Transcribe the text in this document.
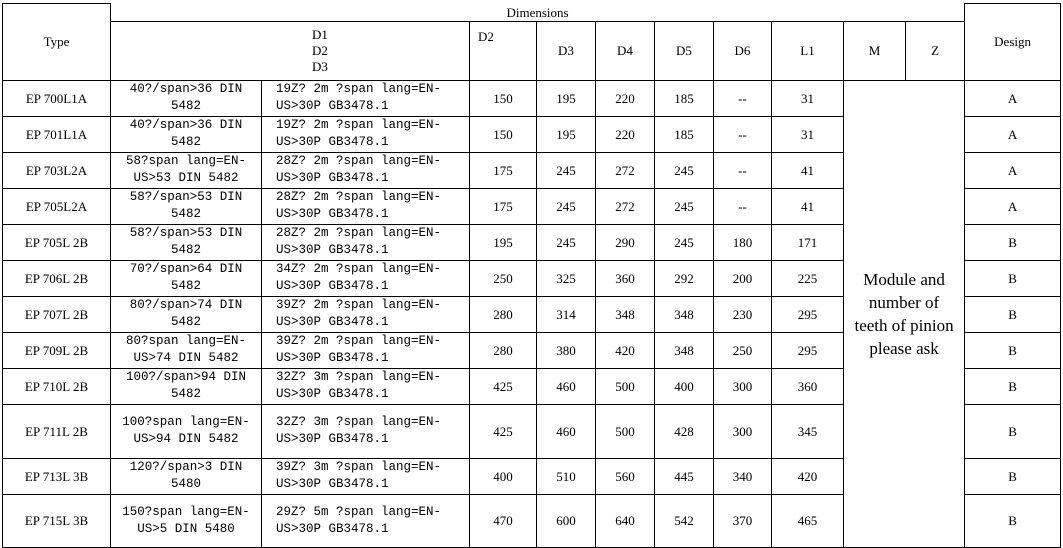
Type	Dimensions										Design

	D1
D2
D3		D2	D3	D4	D5	D6	L1	M	Z	
EP 700L1A	40?/span>36 DIN 5482	19Z? 2m ?span lang=EN-US>30P GB3478.1	150	195	220	185	--	31	Module and number of teeth of pinion please ask		A
EP 701L1A	40?/span>36 DIN 5482	19Z? 2m ?span lang=EN-US>30P GB3478.1	150	195	220	185	--	31			A
EP 703L2A	58?span lang=EN-US>53 DIN 5482	28Z? 2m ?span lang=EN-US>30P GB3478.1	175	245	272	245	--	41			A
EP 705L2A	58?/span>53 DIN 5482	28Z? 2m ?span lang=EN-US>30P GB3478.1	175	245	272	245	--	41			A
EP 705L 2B	58?/span>53 DIN 5482	28Z? 2m ?span lang=EN-US>30P GB3478.1	195	245	290	245	180	171			B
EP 706L 2B	70?/span>64 DIN 5482	34Z? 2m ?span lang=EN-US>30P GB3478.1	250	325	360	292	200	225			B
EP 707L 2B	80?/span>74 DIN 5482	39Z? 2m ?span lang=EN-US>30P GB3478.1	280	314	348	348	230	295			B
EP 709L 2B	80?span lang=EN-US>74 DIN 5482	39Z? 2m ?span lang=EN-US>30P GB3478.1	280	380	420	348	250	295			B
EP 710L 2B	100?/span>94 DIN 5482	32Z? 3m ?span lang=EN-US>30P GB3478.1	425	460	500	400	300	360			B
EP 711L 2B	100?span lang=EN-US>94 DIN 5482	32Z? 3m ?span lang=EN-US>30P GB3478.1	425	460	500	428	300	345			B
EP 713L 3B	120?/span>3 DIN 5480	39Z? 3m ?span lang=EN-US>30P GB3478.1	400	510	560	445	340	420			B
EP 715L 3B	150?span lang=EN-US>5 DIN 5480	29Z? 5m ?span lang=EN-US>30P GB3478.1	470	600	640	542	370	465			B
